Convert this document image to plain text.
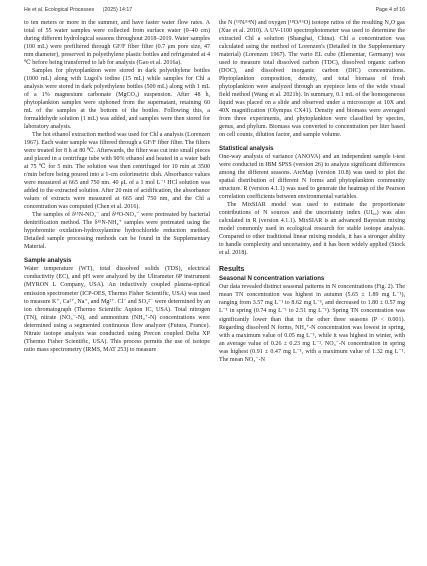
He et al. Ecological Processes (2025) 14:17	Page 4 of 16

to ten meters or more in the summer, and have faster water flow rates. A total of 55 water samples were collected from surface water (0–40 cm) during different hydrological seasons throughout 2018–2019. Water samples (100 mL) were prefiltered through GF/F fiber filter (0.7 μm pore size, 47 mm diameter), preserved in polyethylene plastic bottles and refrigerated at 4 ℃ before being transferred to lab for analysis (Gao et al. 2016a).

Samples for phytoplankton were stored in dark polyethylene bottles (1000 mL) along with Lugol's iodine (15 mL) while samples for Chl a analysis were stored in dark polyethylene bottles (500 mL) along with 1 mL of a 1% magnesium carbonate (MgCO₃) suspension. After 48 h, phytoplankton samples were siphoned from the supernatant, retaining 60 mL of the samples at the bottom of the bottles. Following this, a formaldehyde solution (1 mL) was added, and samples were then stored for laboratory analysis.

The hot ethanol extraction method was used for Chl a analysis (Lorenzen 1967). Each water sample was filtered through a GF/F fiber filter. The filters were treated for 8 h at 80 ℃. Afterwards, the filter was cut into small pieces and placed in a centrifuge tube with 90% ethanol and heated in a water bath at 75 ℃ for 5 min. The solution was then centrifuged for 10 min at 3500 r/min before being poured into a 1-cm colorimetric dish. Absorbance values were measured at 665 and 750 nm. 40 μL of a 1 mol L⁻¹ HCl solution was added to the extracted solution. After 20 min of acidification, the absorbance values of extracts were measured at 665 and 750 nm, and the Chl a concentration was computed (Chen et al. 2016).

The samples of δ¹⁵N-NO₃⁻ and δ¹⁸O-NO₃⁻ were pretreated by bacterial denitrification method. The δ¹⁵N-NH₄⁺ samples were pretreated using the hypobromite oxidation-hydroxylamine hydrochloride reduction method. Detailed sample processing methods can be found in the Supplementary Material.

Sample analysis

Water temperature (WT), total dissolved solids (TDS), electrical conductivity (EC), and pH were analyzed by the Ultrameter 6P instrument (MYRON L Company, USA). An inductively coupled plasma-optical emission spectrometer (ICP-OES, Thermo Fisher Scientific, USA) was used to measure K⁺, Ca²⁺, Na⁺, and Mg²⁺. Cl⁻ and SO₄²⁻ were determined by an ion chromatograph (Thermo Scientific Aquion IC, USA). Total nitrogen (TN), nitrate (NO₃⁻-N), and ammonium (NH₄⁺-N) concentrations were determined using a segmented continuous flow analyzer (Futura, France). Nitrate isotope analysis was conducted using Precon coupled Delta XP (Thermo Fisher Scientific, USA). This process permits the use of isotope ratio mass spectrometry (IRMS, MAT 253) to measure

the N (¹⁵N/¹⁴N) and oxygen (¹⁸O/¹⁶O) isotope ratios of the resulting N₂O gas (Xue et al. 2010). A UV-1100 spectrophotometer was used to determine the extracted Chl a solution (Shanghai, China). Chl a concentration was calculated using the method of Lorenzen's (Detailed in the Supplementary material) (Lorenzen 1967). The vario EL cube (Elementar, Germany) was used to measure total dissolved carbon (TDC), dissolved organic carbon (DOC), and dissolved inorganic carbon (DIC) concentrations. Phytoplankton composition, density, and total biomass of fresh phytoplankton were analyzed through an eyepiece lens of the wide visual field method (Wang et al. 2021b). In summary, 0.1 mL of the homogeneous liquid was placed on a slide and observed under a microscope at 10X and 40X magnification (Olympus CX41). Density and biomass were averaged from three experiments, and phytoplankton were classified by species, genus, and phylum. Biomass was converted to concentration per liter based on cell counts, dilution factor, and sample volume.

Statistical analysis

One-way analysis of variance (ANOVA) and an independent sample t-test were conducted in IBM SPSS (version 26) to analyze significant differences among the different seasons. ArcMap (version 10.8) was used to plot the spatial distribution of different N forms and phytoplankton community structure. R (version 4.1.1) was used to generate the heatmap of the Pearson correlation coefficients between environmental variables.

The MixSIAR model was used to estimate the proportionate contributions of N sources and the uncertainty index (UI₉₀) was also calculated in R (version 4.1.1). MixSIAR is an advanced Bayesian mixing model commonly used in ecological research for stable isotope analysis. Compared to other traditional linear mixing models, it has a stronger ability to handle complexity and uncertainty, and it has been widely applied (Stock et al. 2018).

Results
Seasonal N concentration variations

Our data revealed distinct seasonal patterns in N concentrations (Fig. 2). The mean TN concentration was highest in autumn (5.65 ± 1.89 mg L⁻¹), ranging from 3.57 mg L⁻¹ to 8.62 mg L⁻¹, and decreased to 1.80 ± 0.57 mg L⁻¹ in spring (0.74 mg L⁻¹ to 2.51 mg L⁻¹). Spring TN concentration was significantly lower than that in the other three seasons (P < 0.001). Regarding dissolved N forms, NH₄⁺-N concentration was lowest in spring, with a maximum value of 0.05 mg L⁻¹, while it was highest in winter, with an average value of 0.26 ± 0.23 mg L⁻¹. NO₃⁻-N concentration in spring was highest (0.91 ± 0.47 mg L⁻¹, with a maximum value of 1.32 mg L⁻¹. The mean NO₃⁻-N
